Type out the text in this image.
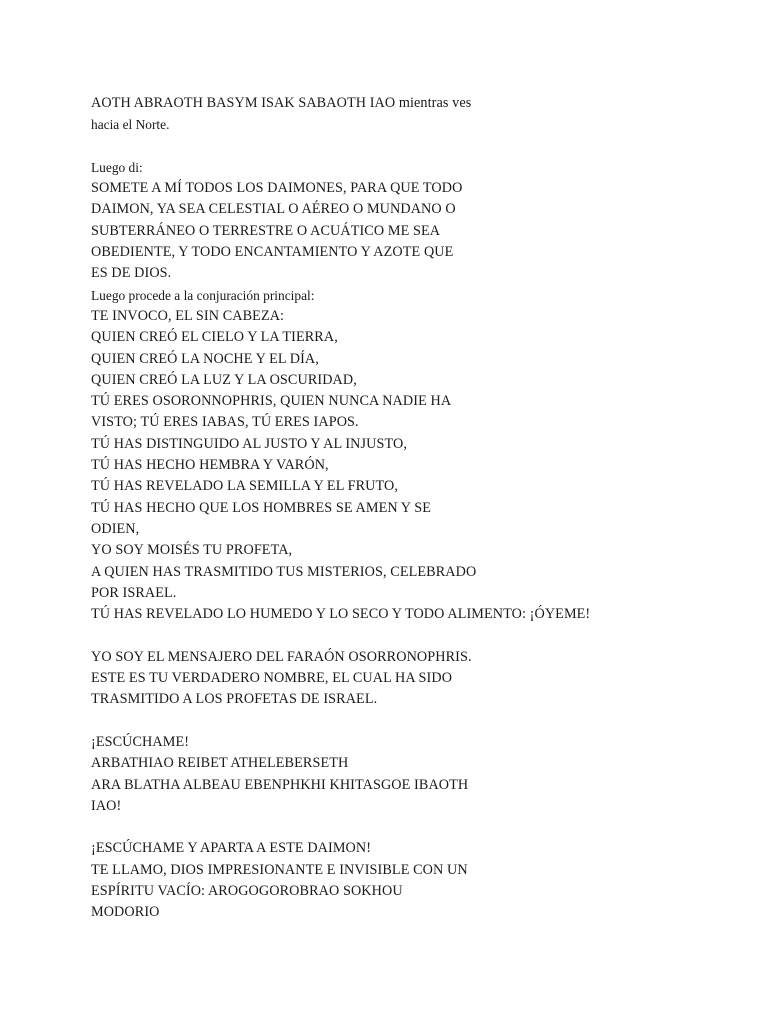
AOTH ABRAOTH BASYM ISAK SABAOTH IAO mientras ves
hacia el Norte.
Luego di:
SOMETE A MÍ TODOS LOS DAIMONES, PARA QUE TODO
DAIMON, YA SEA CELESTIAL O AÉREO O MUNDANO O
SUBTERRÁNEO O TERRESTRE O ACUÁTICO ME SEA
OBEDIENTE, Y TODO ENCANTAMIENTO Y AZOTE QUE
ES DE DIOS.
Luego procede a la conjuración principal:
TE INVOCO, EL SIN CABEZA:
QUIEN CREÓ EL CIELO Y LA TIERRA,
QUIEN CREÓ LA NOCHE Y EL DÍA,
QUIEN CREÓ LA LUZ Y LA OSCURIDAD,
TÚ ERES OSORONNOPHRIS, QUIEN NUNCA NADIE HA
VISTO; TÚ ERES IABAS, TÚ ERES IAPOS.
TÚ HAS DISTINGUIDO AL JUSTO Y AL INJUSTO,
TÚ HAS HECHO HEMBRA Y VARÓN,
TÚ HAS REVELADO LA SEMILLA Y EL FRUTO,
TÚ HAS HECHO QUE LOS HOMBRES SE AMEN Y SE
ODIEN,
YO SOY MOISÉS TU PROFETA,
A QUIEN HAS TRASMITIDO TUS MISTERIOS, CELEBRADO
POR ISRAEL.
TÚ HAS REVELADO LO HUMEDO Y LO SECO Y TODO ALIMENTO: ¡ÓYEME!
YO SOY EL MENSAJERO DEL FARAÓN OSORRONOPHRIS.
ESTE ES TU VERDADERO NOMBRE, EL CUAL HA SIDO
TRASMITIDO A LOS PROFETAS DE ISRAEL.
¡ESCÚCHAME!
ARBATHIAO REIBET ATHELEBERSETH
ARA BLATHA ALBEAU EBENPHKHI KHITASGOE IBAOTH
IAO!
¡ESCÚCHAME Y APARTA A ESTE DAIMON!
TE LLAMO, DIOS IMPRESIONANTE E INVISIBLE CON UN
ESPÍRITU VACÍO: AROGOGOROBRAO SOKHOU
MODORIO
